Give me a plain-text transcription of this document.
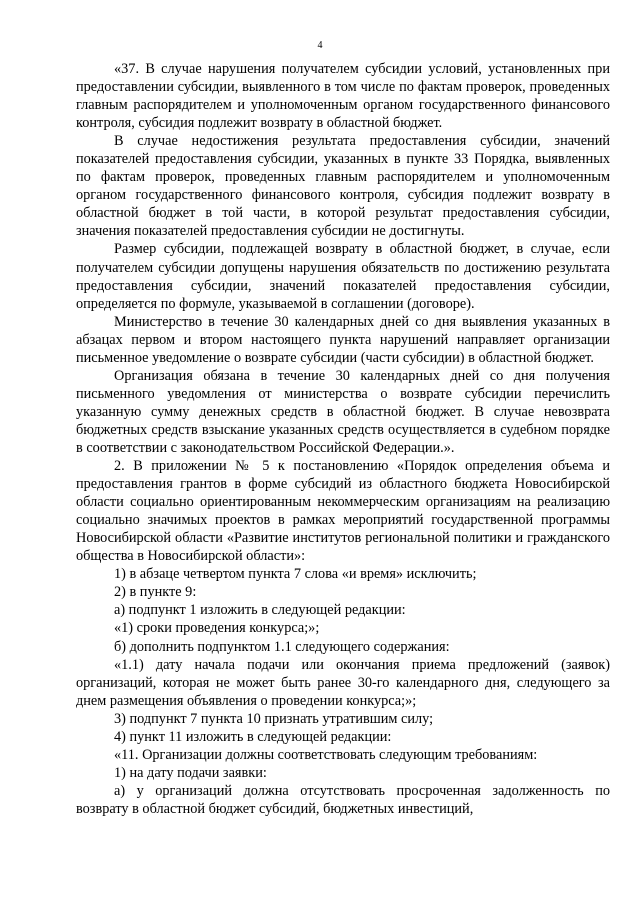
4

«37. В случае нарушения получателем субсидии условий, установленных при предоставлении субсидии, выявленного в том числе по фактам проверок, проведенных главным распорядителем и уполномоченным органом государственного финансового контроля, субсидия подлежит возврату в областной бюджет.

В случае недостижения результата предоставления субсидии, значений показателей предоставления субсидии, указанных в пункте 33 Порядка, выявленных по фактам проверок, проведенных главным распорядителем и уполномоченным органом государственного финансового контроля, субсидия подлежит возврату в областной бюджет в той части, в которой результат предоставления субсидии, значения показателей предоставления субсидии не достигнуты.

Размер субсидии, подлежащей возврату в областной бюджет, в случае, если получателем субсидии допущены нарушения обязательств по достижению результата предоставления субсидии, значений показателей предоставления субсидии, определяется по формуле, указываемой в соглашении (договоре).

Министерство в течение 30 календарных дней со дня выявления указанных в абзацах первом и втором настоящего пункта нарушений направляет организации письменное уведомление о возврате субсидии (части субсидии) в областной бюджет.

Организация обязана в течение 30 календарных дней со дня получения письменного уведомления от министерства о возврате субсидии перечислить указанную сумму денежных средств в областной бюджет. В случае невозврата бюджетных средств взыскание указанных средств осуществляется в судебном порядке в соответствии с законодательством Российской Федерации.».

2. В приложении № 5 к постановлению «Порядок определения объема и предоставления грантов в форме субсидий из областного бюджета Новосибирской области социально ориентированным некоммерческим организациям на реализацию социально значимых проектов в рамках мероприятий государственной программы Новосибирской области «Развитие институтов региональной политики и гражданского общества в Новосибирской области»:

1) в абзаце четвертом пункта 7 слова «и время» исключить;

2) в пункте 9:

а) подпункт 1 изложить в следующей редакции:

«1) сроки проведения конкурса;»;

б) дополнить подпунктом 1.1 следующего содержания:

«1.1) дату начала подачи или окончания приема предложений (заявок) организаций, которая не может быть ранее 30-го календарного дня, следующего за днем размещения объявления о проведении конкурса;»;

3) подпункт 7 пункта 10 признать утратившим силу;

4) пункт 11 изложить в следующей редакции:

«11. Организации должны соответствовать следующим требованиям:

1) на дату подачи заявки:

а) у организаций должна отсутствовать просроченная задолженность по возврату в областной бюджет субсидий, бюджетных инвестиций,
